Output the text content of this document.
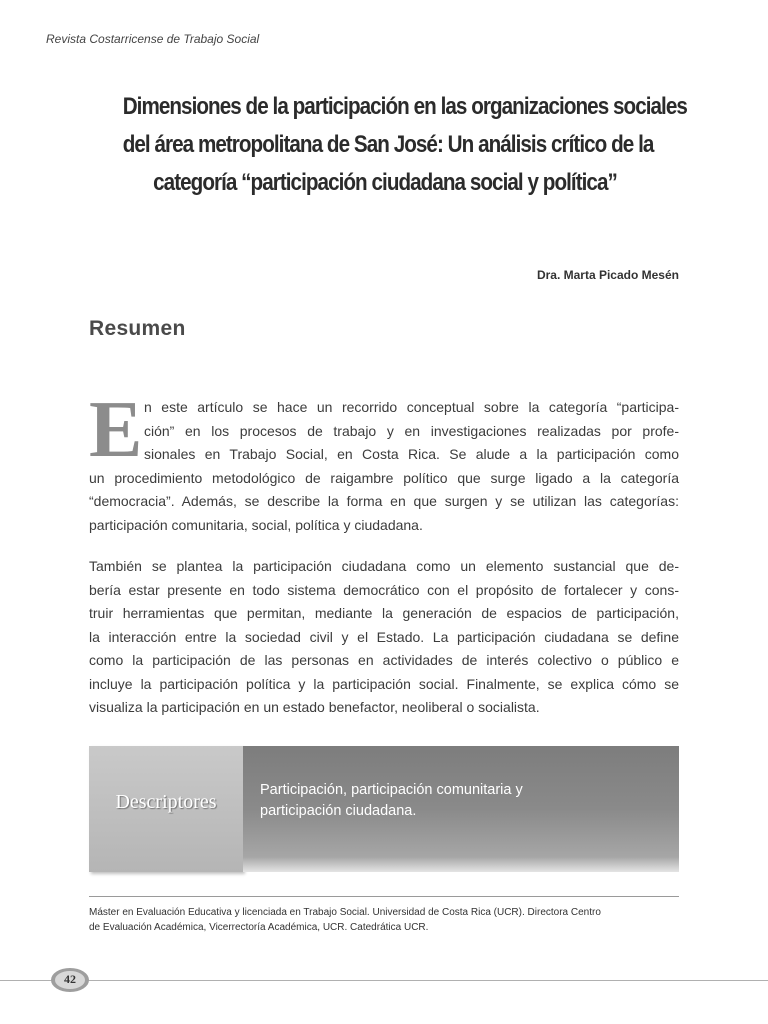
Revista Costarricense de Trabajo Social
Dimensiones de la participación en las organizaciones sociales
del área metropolitana de San José: Un análisis crítico de la
categoría “participación ciudadana social y política”
Dra. Marta Picado Mesén
Resumen
E n este artículo se hace un recorrido conceptual sobre la categoría “participa-
ción” en los procesos de trabajo y en investigaciones realizadas por profe-
sionales en Trabajo Social, en Costa Rica. Se alude a la participación como
un procedimiento metodológico de raigambre político que surge ligado a la categoría
“democracia”. Además, se describe la forma en que surgen y se utilizan las categorías:
participación comunitaria, social, política y ciudadana.
También se plantea la participación ciudadana como un elemento sustancial que de-
bería estar presente en todo sistema democrático con el propósito de fortalecer y cons-
truir herramientas que permitan, mediante la generación de espacios de participación,
la interacción entre la sociedad civil y el Estado. La participación ciudadana se define
como la participación de las personas en actividades de interés colectivo o público e
incluye la participación política y la participación social. Finalmente, se explica cómo se
visualiza la participación en un estado benefactor, neoliberal o socialista.
Descriptores
Participación, participación comunitaria y
participación ciudadana.
Máster en Evaluación Educativa y licenciada en Trabajo Social. Universidad de Costa Rica (UCR). Directora Centro
de Evaluación Académica, Vicerrectoría Académica, UCR. Catedrática UCR.
42
